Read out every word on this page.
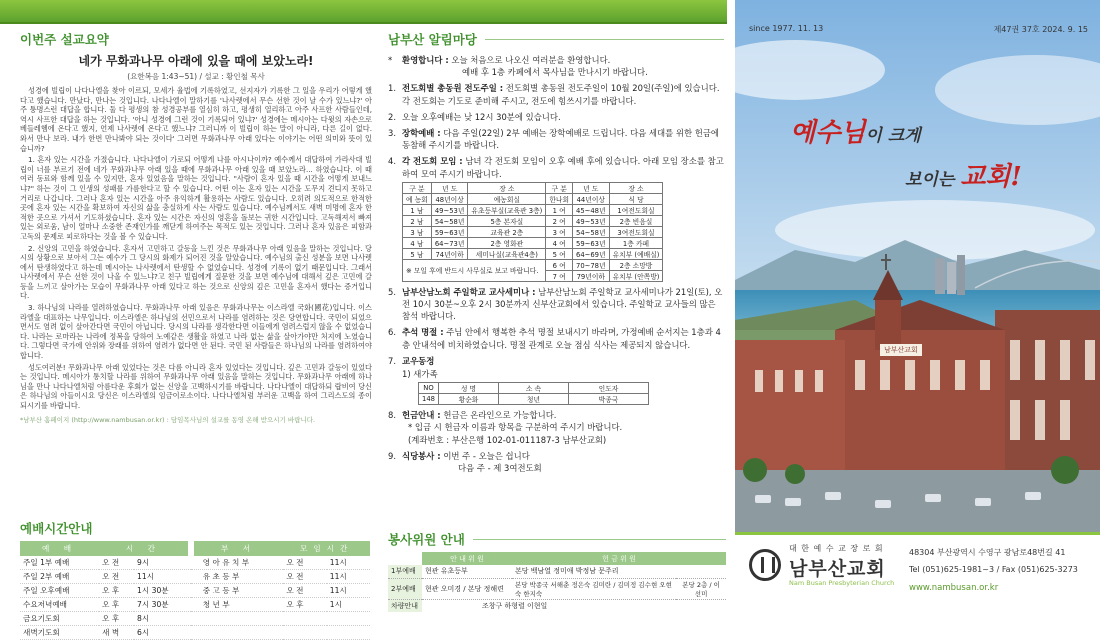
이번주 설교요약
네가 무화과나무 아래에 있을 때에 보았노라!
(요한복음 1:43~51) / 설교 : 황인철 목사

성경에 빌립이 나다나엘을 찾아 이르되, 모세가 율법에 기록하였고, 선지자가 기록한 그 일을 우리가 어렇게 했다고 했습니다. 만났다, 만나는 것입니다. 나다나엘이 말하기를 '나사렛에서 무슨 선한 것이 날 수가 있느냐?' 아주 퉁명스런 대답을 합니다. 둘 다 평생의 참 성경공부를 열심히 하고, 평생히 열리하고 아주 사프한 사람들인데, 역시 사프한 대답을 하는 것입니다. '아니 성경에 그런 것이 기록되어 있냐?' 성경에는 메시아는 다윗의 자손으로 베들레헴에 온다고 했지, 언제 나사렛에 온다고 했느냐? 그러니까 이 빌립이 하는 말이 아니라, 다른 길이 없다. 와서 만나 보라. 내가 한번 만나봐야 되는 것이다' 그러면 무화과나무 아래 있다는 이야기는 어떤 의미와 뜻이 있습니까?

1. 혼자 있는 시간을 가졌습니다. 나다나엘이 가로되 어떻게 나를 아시나이까? 예수께서 대답하여 가라사대 빌립이 너를 부르기 전에 네가 무화과나무 아래 있을 때에 무화과나무 아래 있을 때 보았노라... 하였습니다. 이 때 여러 동료와 함께 있을 수 있지만, 혼자 있었음을 말하는 것입니다. "사람이 혼자 있을 때 시간을 어떻게 보내느냐?" 하는 것이 그 인생의 성패를 가름한다고 할 수 있습니다. 어떤 이는 혼자 있는 시간을 도무지 견디지 못하고 거리로 나갑니다. 그러나 혼자 있는 시간을 아주 유익하게 활용하는 사람도 있습니다. 오히려 의도적으로 한적한 곳에 혼자 있는 시간을 확보하여 자신의 삶을 충실하게 사는 사람도 있습니다. 예수님께서도 새벽 미명에 혼자 한적한 곳으로 가셔서 기도하셨습니다. 혼자 있는 시간은 자신의 영혼을 돌보는 귀한 시간입니다. 고독해져서 빠져 있는 외로움, 남이 얼마나 소중한 존재인가를 깨닫게 하여주는 목적도 있는 것입니다. 그러나 혼자 있음은 피함과 고독의 문제로 피로하다는 것을 볼 수 있습니다.

2. 신앙의 고민을 하였습니다. 혼자서 고민하고 갈등을 느낀 것은 무화과나무 아래 있음을 말하는 것입니다. 당시의 상황으로 보아서 그는 예수가 그 당시의 화제가 되어진 것을 알았습니다. 예수님의 출신 성분을 보면 나사렛에서 탄생하였다고 하는데 메시아는 나사렛에서 탄생할 수 없었습니다. 성경에 기록이 없기 때문입니다. 그래서 나사렛에서 무슨 선한 것이 나올 수 있느냐?고 친구 빌립에게 질문한 것을 보면 예수님에 대해서 깊은 고민에 갈등을 느끼고 살아가는 모습이 무화과나무 아래 있다고 하는 것으로 신앙의 깊은 고민을 혼자서 했다는 증거입니다.

3. 하나님의 나라를 열려하였습니다. 무화과나무 아래 있음은 무화과나무는 이스라엘 국화(國花)입니다. 이스라엘을 대표하는 나무입니다. 이스라엘은 하나님의 선민으로서 나라를 염려하는 것은 당연합니다. 국민이 되었으면서도 염려 없이 살아간다면 국민이 아닙니다. 당시의 나라를 생각한다면 이들에게 염려스럽지 않을 수 없었습니다. 나라는 로마라는 나라에 정복을 당하여 노예같은 생활을 하였고 나라 없는 삶을 살아가야만 처지에 노였습니다. 그렇다면 국가에 안위와 장래를 위하여 염려가 없다면 안 된다. 국민 된 사람들은 하나님의 나라를 염려하여야 합니다.

성도여러분! 무화과나무 아래 있었다는 것은 다름 아니라 혼자 있었다는 것입니다. 깊은 고민과 갈등이 있었다는 것입니다. 메시아가 통치할 나라를 위하여 무화과나무 아래 있음을 말하는 것입니다. 무화과나무 아래에 하나님을 만나 나다나엘처럼 아름다운 후회가 없는 신앙을 고백하시기를 바랍니다. 나다나엘이 대답하되 랍비여 당신은 하나님의 아들이시요 당신은 이스라엘의 임금이로소이다. 나다나엘처럼 부러운 고백을 하여 그리스도의 종이 되시기를 바랍니다.

*남부산 홈페이지 (http://www.nambusan.or.kr) : 담임목사님의 설교를 동영 온해 받으시기 바랍니다.
예배시간안내
예 배	시 간		부 서	모임시간	
주일 1부 예배	오 전	9시	영 아 유 치 부	오 전	11시
주일 2부 예배	오 전	11시	유 초 등 부	오 전	11시
주일 오후예배	오 후	1시 30분	중 고 등 부	오 전	11시
수요저녁예배	오 후	7시 30분	청 년 부	오 후	1시
금요기도회	오 후	8시			
새벽기도회	새 벽	6시			
남부산 알림마당
*	환영합니다 : 오늘 처음으로 나오신 여러분을 환영합니다.
예배 후 1층 카페에서 목사님을 만나시기 바랍니다.
1. 전도회별 총동원 전도주일 : 전도회별 총동원 전도주일이 10월 20일(주일)에 있습니다. 각 전도회는 기도로 준비해 주시고, 전도에 힘쓰시기를 바랍니다.
2. 오늘 오후예배는 낮 12시 30분에 있습니다.
3. 장학예배 : 다음 주일(22일) 2부 예배는 장학예배로 드립니다. 다음 세대를 위한 헌금에 동참해 주시기를 바랍니다.
4. 각 전도회 모임 : 남녀 각 전도회 모임이 오후 예배 후에 있습니다. 아래 모임 장소를 참고하여 모여 주시기 바랍니다.
구 분	년 도	장 소	구 분	년 도	장 소
예 농회	48년이상	예농회실	한나회	44년이상	식 당
1 남	49~53년	유초등부실(교육관 3층)	1 여	45~48년	1여전도회실
2 남	54~58년	5층 본자실	2 여	49~53년	2층 빈음실
3 남	59~63년	교육관 2층	3 여	54~58년	3여전도회실
4 남	64~73년	2층 영화관	4 여	59~63년	1층 카페
5 남	74년이하	세미나실(교육관4층)	5 여	64~69년	유치부 (예배실)
※ 모일 후에 반드시 사무실로 보고 바랍니다.			6 여	70~78년	2층 소망방
			7 여	79년이하	유치부 (안쪽방)
5. 남부산남노회 주일학교 교사세미나 : 남부산남노회 주일학교 교사세미나가 21일(토), 오전 10시 30분~오후 2시 30분까지 신부산교회에서 있습니다. 주일학교 교사들의 많은 참석 바랍니다.
6. 추석 명절 : 주님 안에서 행복한 추석 명절 보내시기 바라며, 가정예배 순서지는 1층과 4층 안내석에 비치하였습니다. 명절 관계로 오늘 점심 식사는 제공되지 않습니다.
7. 교우동정
1) 새가족
NO	성 명	소 속	인도자
148	황순화	청년	박종국
8. 헌금안내 : 헌금은 온라인으로 가능합니다.
* 입금 시 헌금자 이름과 항목을 구분하여 주시기 바랍니다.
(계좌번호 : 부산은행 102-01-011187-3 남부산교회)
9. 식당봉사 : 이번 주 - 오늘은 쉽니다
다음 주 - 제 3여전도회
봉사위원 안내
	안 내 위 원	헌 금 위 원	
1부예배	현관 유초등부	본당 백남열 정미애 박정남 문주리	
2부예배	현관 오미경 / 본당 정해련	본당 박종국 서해춘 정은숙 김미란 / 김미정 김수현 오현숙 한지숙	본당 2층 / 이선미
차량안내	조창구 하형렬 이현일		
since 1977. 11. 13	제47권 37호 2024. 9. 15
예수님이 크게
보이는 교회!
남부산교회
대 한 예 수 교 장 로 회
남부산교회
Nam Busan Presbyterian Church
48304 부산광역시 수영구 광남로48번길 41
Tel (051)625-1981~3 / Fax (051)625-3273
www.nambusan.or.kr
